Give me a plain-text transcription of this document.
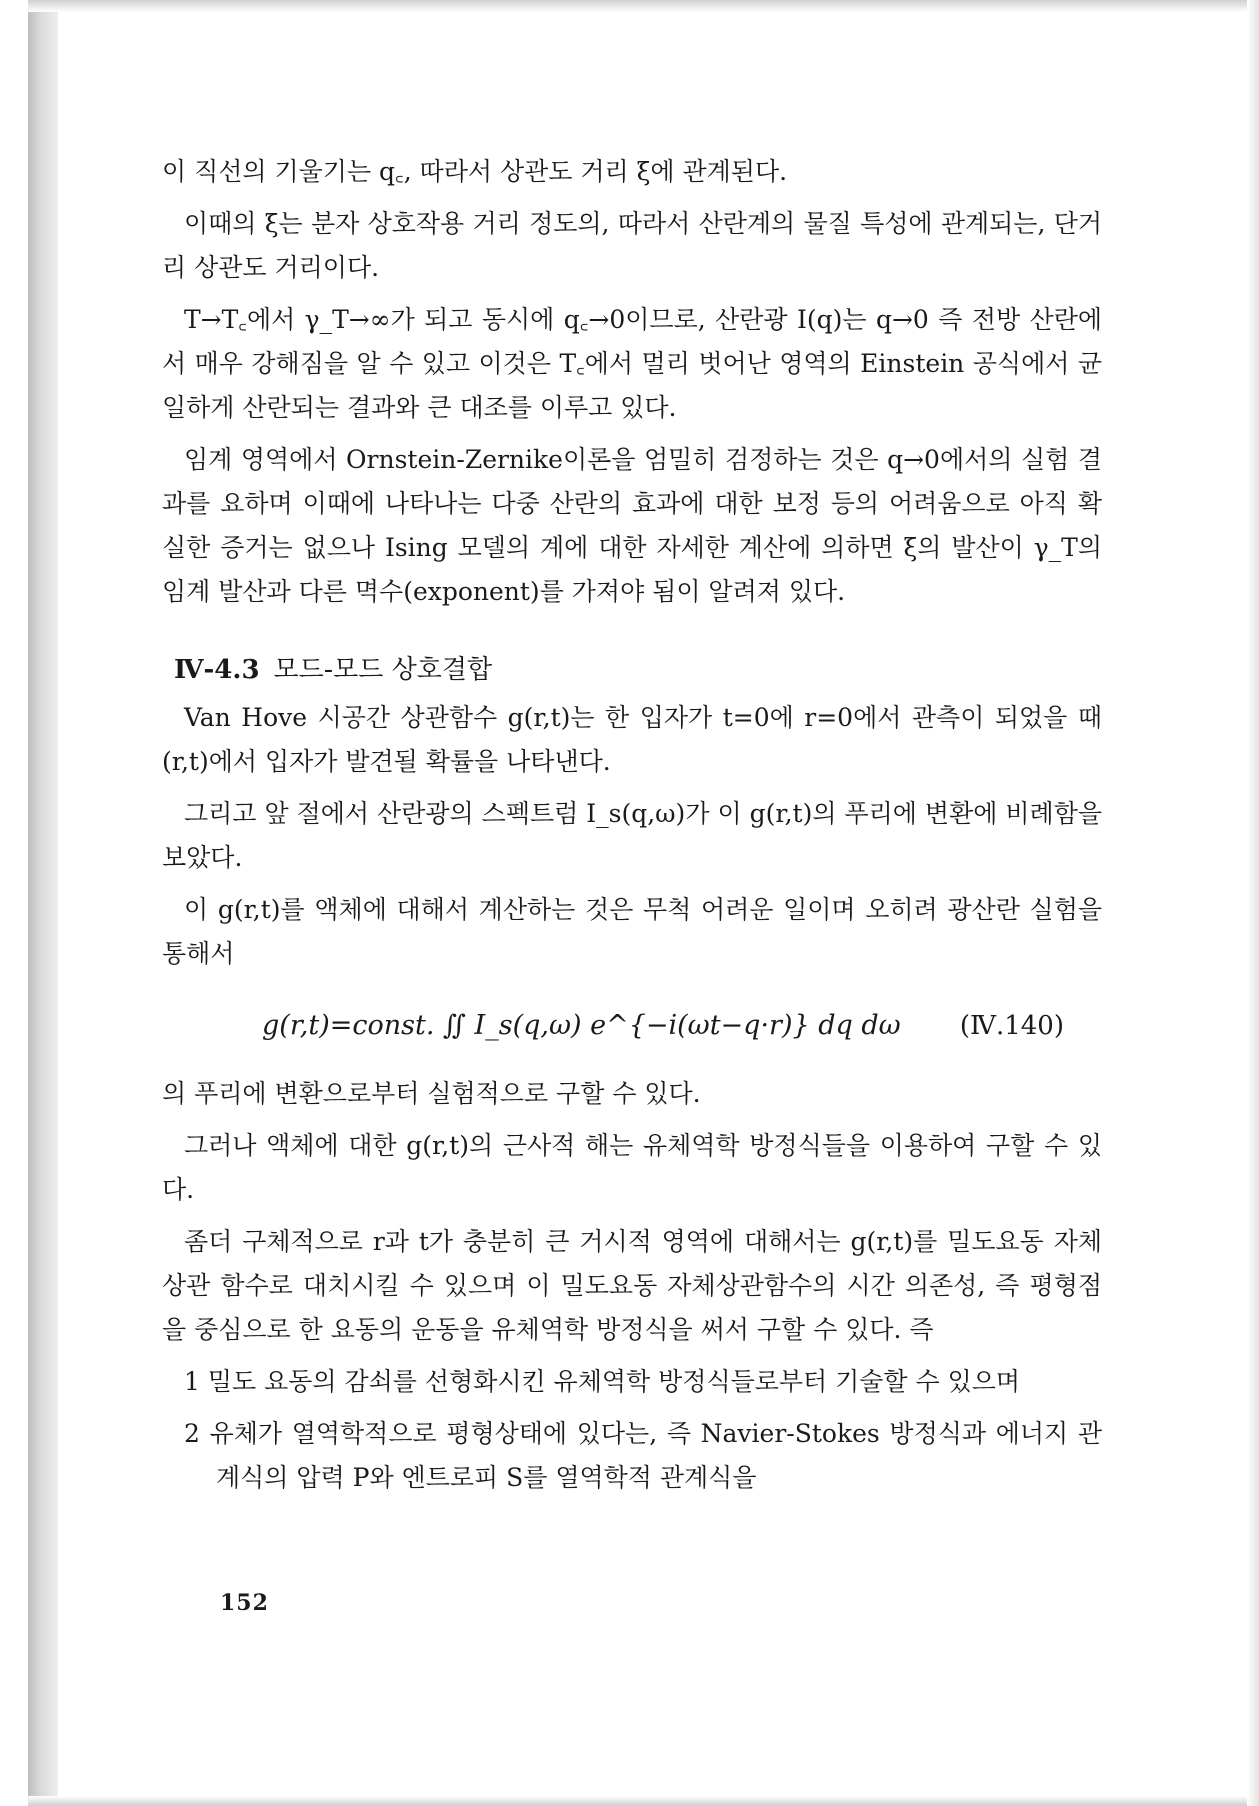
이 직선의 기울기는 q꜀, 따라서 상관도 거리 ξ에 관계된다.

이때의 ξ는 분자 상호작용 거리 정도의, 따라서 산란계의 물질 특성에 관계되는, 단거리 상관도 거리이다.

T→T꜀에서 γ_T→∞가 되고 동시에 q꜀→0이므로, 산란광 I(q)는 q→0 즉 전방 산란에서 매우 강해짐을 알 수 있고 이것은 T꜀에서 멀리 벗어난 영역의 Einstein 공식에서 균일하게 산란되는 결과와 큰 대조를 이루고 있다.

임계 영역에서 Ornstein-Zernike이론을 엄밀히 검정하는 것은 q→0에서의 실험 결과를 요하며 이때에 나타나는 다중 산란의 효과에 대한 보정 등의 어려움으로 아직 확실한 증거는 없으나 Ising 모델의 계에 대한 자세한 계산에 의하면 ξ의 발산이 γ_T의 임계 발산과 다른 멱수(exponent)를 가져야 됨이 알려져 있다.

Ⅳ-4.3 모드-모드 상호결합

Van Hove 시공간 상관함수 g(r,t)는 한 입자가 t=0에 r=0에서 관측이 되었을 때 (r,t)에서 입자가 발견될 확률을 나타낸다.

그리고 앞 절에서 산란광의 스펙트럼 I_s(q,ω)가 이 g(r,t)의 푸리에 변환에 비례함을 보았다.

이 g(r,t)를 액체에 대해서 계산하는 것은 무척 어려운 일이며 오히려 광산란 실험을 통해서

g(r,t)=const. ∬ I_s(q,ω) e^{−i(ωt−q·r)} dq dω (Ⅳ.140)

의 푸리에 변환으로부터 실험적으로 구할 수 있다.

그러나 액체에 대한 g(r,t)의 근사적 해는 유체역학 방정식들을 이용하여 구할 수 있다.

좀더 구체적으로 r과 t가 충분히 큰 거시적 영역에 대해서는 g(r,t)를 밀도요동 자체상관 함수로 대치시킬 수 있으며 이 밀도요동 자체상관함수의 시간 의존성, 즉 평형점을 중심으로 한 요동의 운동을 유체역학 방정식을 써서 구할 수 있다. 즉

1 밀도 요동의 감쇠를 선형화시킨 유체역학 방정식들로부터 기술할 수 있으며

2 유체가 열역학적으로 평형상태에 있다는, 즉 Navier-Stokes 방정식과 에너지 관계식의 압력 P와 엔트로피 S를 열역학적 관계식을

152
